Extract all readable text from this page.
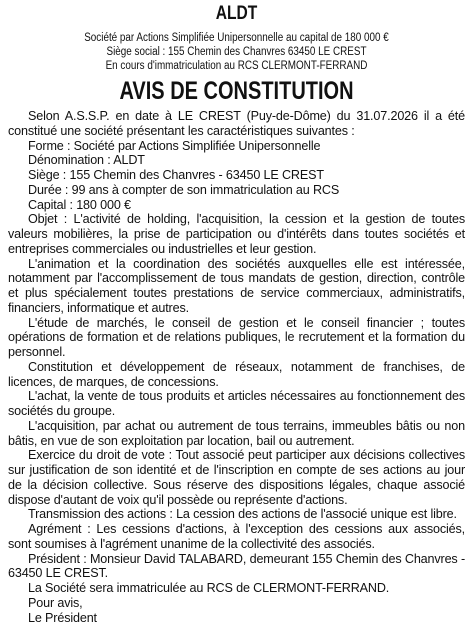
ALDT
Société par Actions Simplifiée Unipersonnelle au capital de 180 000 €
Siège social : 155 Chemin des Chanvres 63450 LE CREST
En cours d'immatriculation au RCS CLERMONT-FERRAND
AVIS DE CONSTITUTION

Selon A.S.S.P. en date à LE CREST (Puy-de-Dôme) du 31.07.2026 il a été constitué une société présentant les caractéristiques suivantes :

Forme : Société par Actions Simplifiée Unipersonnelle

Dénomination : ALDT

Siège : 155 Chemin des Chanvres - 63450 LE CREST

Durée : 99 ans à compter de son immatriculation au RCS

Capital : 180 000 €

Objet : L'activité de holding, l'acquisition, la cession et la gestion de toutes valeurs mobilières, la prise de participation ou d'intérêts dans toutes sociétés et entreprises commerciales ou industrielles et leur gestion.

L'animation et la coordination des sociétés auxquelles elle est intéressée, notamment par l'accomplissement de tous mandats de gestion, direction, contrôle et plus spécialement toutes prestations de service commerciaux, administratifs, financiers, informatique et autres.

L'étude de marchés, le conseil de gestion et le conseil financier ; toutes opérations de formation et de relations publiques, le recrutement et la formation du personnel.

Constitution et développement de réseaux, notamment de franchises, de licences, de marques, de concessions.

L'achat, la vente de tous produits et articles nécessaires au fonctionnement des sociétés du groupe.

L'acquisition, par achat ou autrement de tous terrains, immeubles bâtis ou non bâtis, en vue de son exploitation par location, bail ou autrement.

Exercice du droit de vote : Tout associé peut participer aux décisions collectives sur justification de son identité et de l'inscription en compte de ses actions au jour de la décision collective. Sous réserve des dispositions légales, chaque associé dispose d'autant de voix qu'il possède ou représente d'actions.

Transmission des actions : La cession des actions de l'associé unique est libre.

Agrément : Les cessions d'actions, à l'exception des cessions aux associés, sont soumises à l'agrément unanime de la collectivité des associés.

Président : Monsieur David TALABARD, demeurant 155 Chemin des Chanvres - 63450 LE CREST.

La Société sera immatriculée au RCS de CLERMONT-FERRAND.

Pour avis,

Le Président
